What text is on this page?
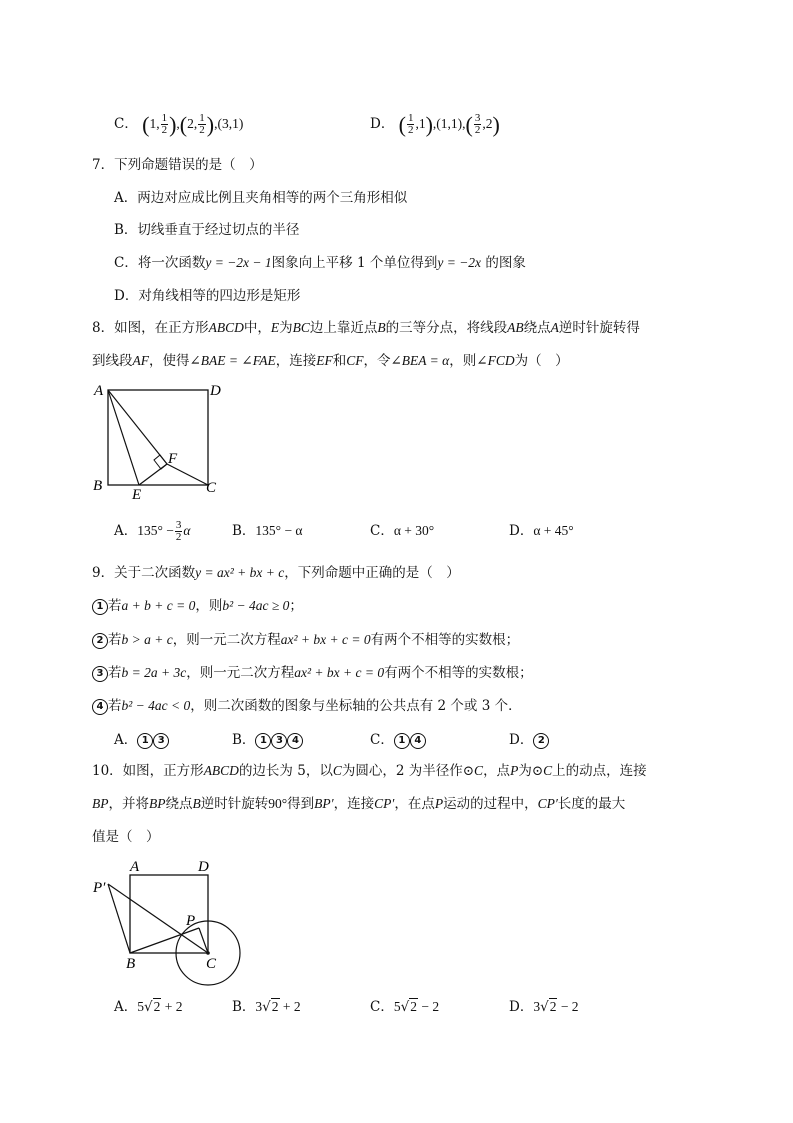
C． (1, $\frac{1}{2} ),(2$, $\frac{1}{2} ),(3,1)$	D． ( $\frac{1}{2} ,1),(1,1),( \frac{3}{2} ,2)$
7．下列命题错误的是（　）
A．两边对应成比例且夹角相等的两个三角形相似
B．切线垂直于经过切点的半径
C．将一次函数y = −2x − 1图象向上平移 1 个单位得到y = −2x 的图象
D．对角线相等的四边形是矩形
8．如图，在正方形ABCD中，E为BC边上靠近点B的三等分点，将线段AB绕点A逆时针旋转得
到线段AF，使得∠BAE = ∠FAE，连接EF和CF，令∠BEA = α，则∠FCD为（　）
A	D
B
E	C
F
A．$135^\circ - \frac{3}{2}$ α	B．135° − α	C．α + 30°	D．α + 45°
9．关于二次函数y = ax² + bx + c，下列命题中正确的是（　）
1 若a + b + c = 0，则b² − 4ac ≥ 0；
2 若b > a + c，则一元二次方程ax² + bx + c = 0有两个不相等的实数根；
3 若b = 2a + 3c，则一元二次方程ax² + bx + c = 0有两个不相等的实数根；
4 若b² − 4ac < 0，则二次函数的图象与坐标轴的公共点有 2 个或 3 个．
A． 1 3	B． 1 3 4	C． 1 4	D． 2
10．如图，正方形ABCD的边长为 5，以C为圆心，2 为半径作⊙C，点P为⊙C上的动点，连接
BP，并将BP绕点B逆时针旋转90°得到BP′，连接CP′，在点P运动的过程中，CP′长度的最大
值是（　）
A	D
P′
P
B	C
A．5√2 + 2	B．3√2 + 2	C．5√2 − 2	D．3√2 − 2
